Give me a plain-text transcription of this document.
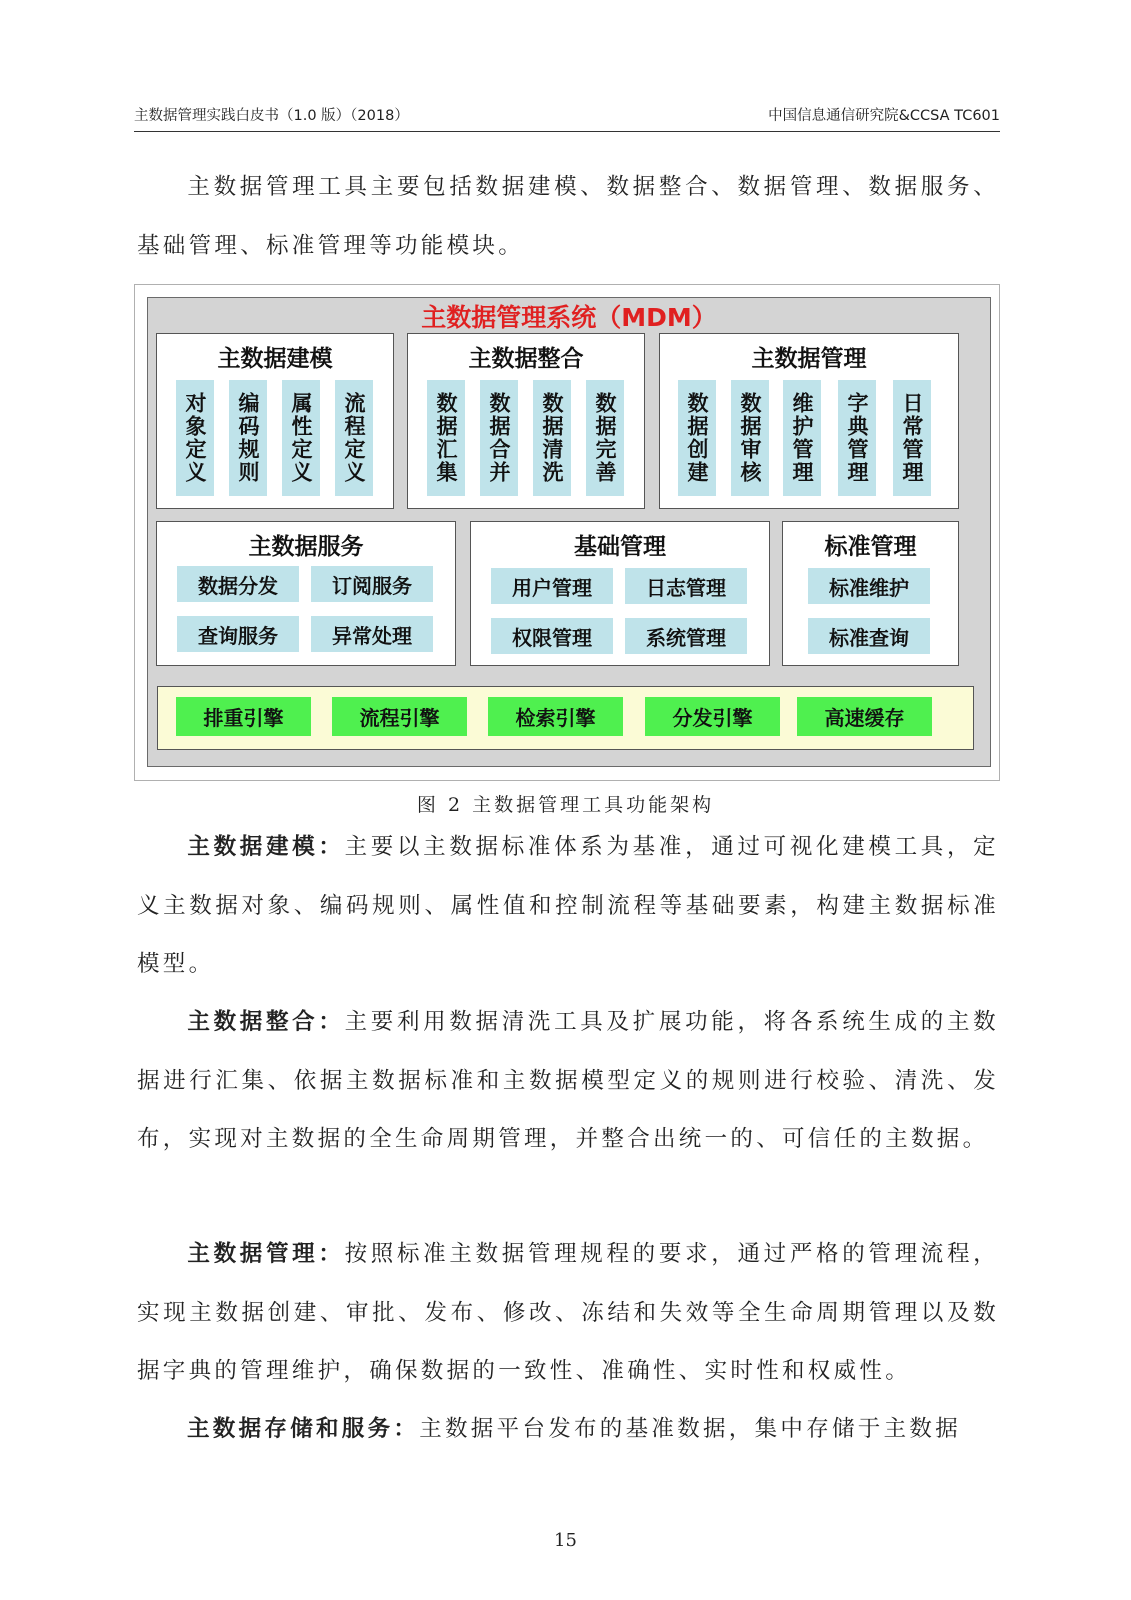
主数据管理实践白皮书（1.0 版）（2018）	中国信息通信研究院&CCSA TC601
主数据管理工具主要包括数据建模、数据整合、数据管理、数据服务、基础管理、标准管理等功能模块。
主数据管理系统（MDM）
主数据建模	主数据整合	主数据管理
对象定义 编码规则 属性定义 流程定义	数据汇集 数据合并 数据清洗 数据完善	数据创建 数据审核 维护管理 字典管理 日常管理
主数据服务	基础管理	标准管理
数据分发	订阅服务
查询服务	异常处理
用户管理	日志管理
权限管理	系统管理
标准维护
标准查询
排重引擎	流程引擎	检索引擎	分发引擎	高速缓存
图 2 主数据管理工具功能架构
主数据建模：主要以主数据标准体系为基准，通过可视化建模工具，定义主数据对象、编码规则、属性值和控制流程等基础要素，构建主数据标准模型。
主数据整合：主要利用数据清洗工具及扩展功能，将各系统生成的主数据进行汇集、依据主数据标准和主数据模型定义的规则进行校验、清洗、发布，实现对主数据的全生命周期管理，并整合出统一的、可信任的主数据。
主数据管理：按照标准主数据管理规程的要求，通过严格的管理流程，实现主数据创建、审批、发布、修改、冻结和失效等全生命周期管理以及数据字典的管理维护，确保数据的一致性、准确性、实时性和权威性。
主数据存储和服务：主数据平台发布的基准数据，集中存储于主数据
15
